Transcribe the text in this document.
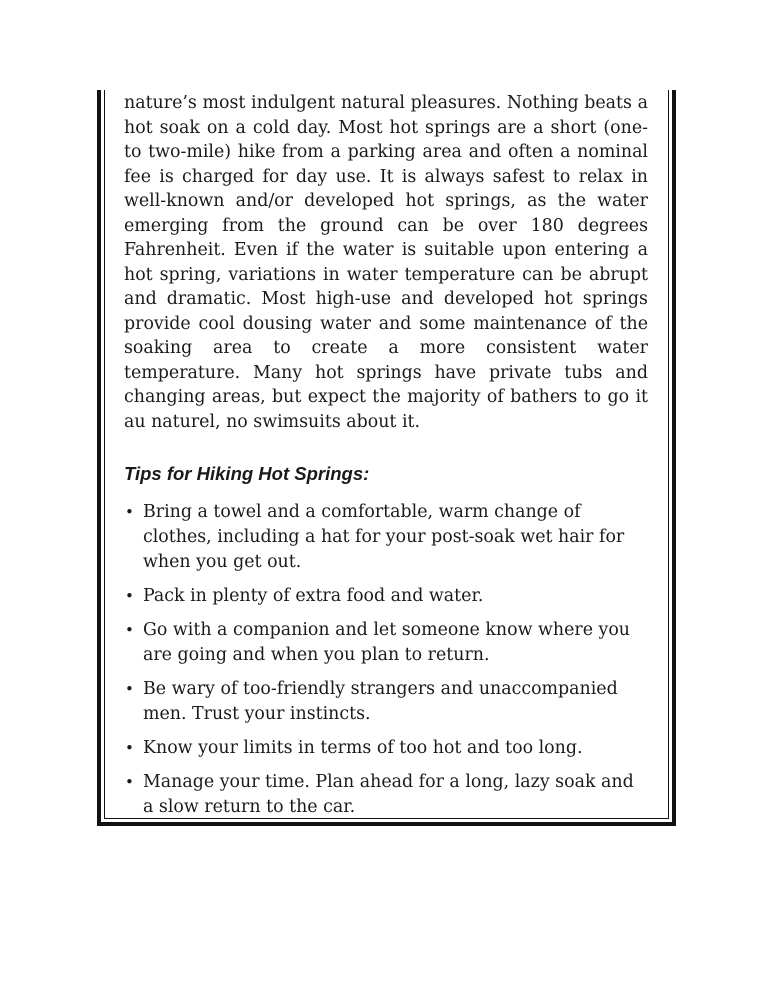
nature’s most indulgent natural pleasures. Nothing beats a hot soak on a cold day. Most hot springs are a short (one- to two-mile) hike from a parking area and often a nominal fee is charged for day use. It is always safest to relax in well-known and/or developed hot springs, as the water emerging from the ground can be over 180 degrees Fahrenheit. Even if the water is suitable upon entering a hot spring, variations in water temperature can be abrupt and dramatic. Most high-use and developed hot springs provide cool dousing water and some maintenance of the soaking area to create a more consistent water temperature. Many hot springs have private tubs and changing areas, but expect the majority of bathers to go it au naturel, no swimsuits about it.

Tips for Hiking Hot Springs:
• Bring a towel and a comfortable, warm change of clothes, including a hat for your post-soak wet hair for when you get out.
• Pack in plenty of extra food and water.
• Go with a companion and let someone know where you are going and when you plan to return.
• Be wary of too-friendly strangers and unaccompanied men. Trust your instincts.
• Know your limits in terms of too hot and too long.
• Manage your time. Plan ahead for a long, lazy soak and a slow return to the car.
